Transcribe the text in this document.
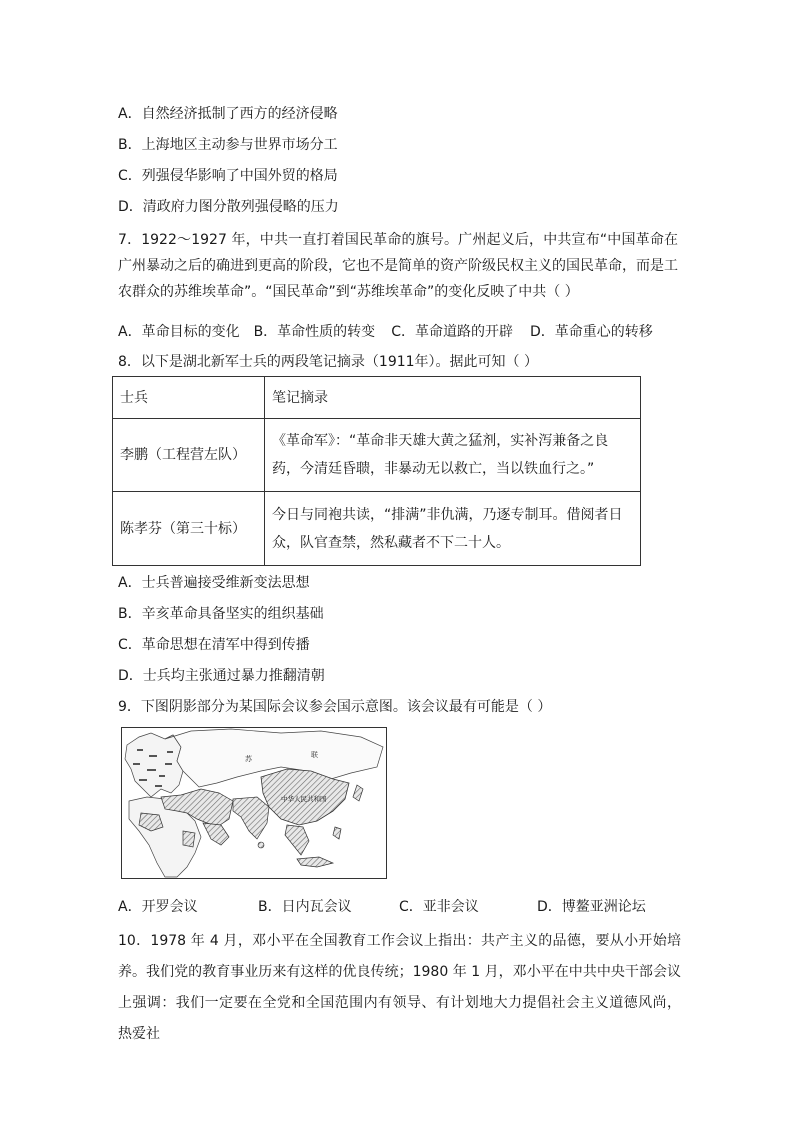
A．自然经济抵制了西方的经济侵略
B．上海地区主动参与世界市场分工
C．列强侵华影响了中国外贸的格局
D．清政府力图分散列强侵略的压力
7．1922～1927 年，中共一直打着国民革命的旗号。广州起义后，中共宣布“中国革命在广州暴动之后的确进到更高的阶段，它也不是简单的资产阶级民权主义的国民革命，而是工农群众的苏维埃革命”。“国民革命”到“苏维埃革命”的变化反映了中共（ ）
A．革命目标的变化 B．革命性质的转变 C．革命道路的开辟 D．革命重心的转移
8．以下是湖北新军士兵的两段笔记摘录（1911年）。据此可知（ ）
士兵	笔记摘录
李鹏（工程营左队）	《革命军》：“革命非天雄大黄之猛剂，实补泻兼备之良药，今清廷昏聩，非暴动无以救亡，当以铁血行之。”
陈孝芬（第三十标）	今日与同袍共读，“排满”非仇满，乃逐专制耳。借阅者日众，队官查禁，然私藏者不下二十人。
A．士兵普遍接受维新变法思想
B．辛亥革命具备坚实的组织基础
C．革命思想在清军中得到传播
D．士兵均主张通过暴力推翻清朝
9．下图阴影部分为某国际会议参会国示意图。该会议最有可能是（ ）
苏	联
中华人民共和国
A．开罗会议	B．日内瓦会议	C．亚非会议	D．博鳌亚洲论坛
10．1978 年 4 月，邓小平在全国教育工作会议上指出：共产主义的品德，要从小开始培养。我们党的教育事业历来有这样的优良传统；1980 年 1 月，邓小平在中共中央干部会议上强调：我们一定要在全党和全国范围内有领导、有计划地大力提倡社会主义道德风尚， 热爱社
